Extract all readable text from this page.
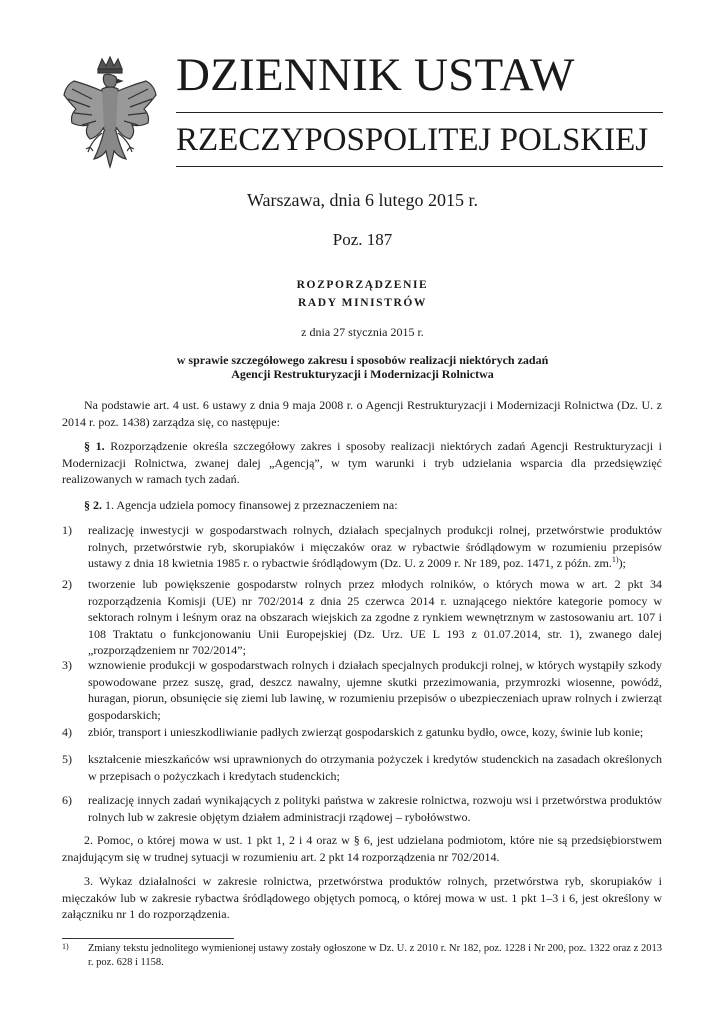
DZIENNIK USTAW
RZECZYPOSPOLITEJ POLSKIEJ
Warszawa, dnia 6 lutego 2015 r.
Poz. 187
ROZPORZĄDZENIE
RADY MINISTRÓW
z dnia 27 stycznia 2015 r.
w sprawie szczegółowego zakresu i sposobów realizacji niektórych zadań
Agencji Restrukturyzacji i Modernizacji Rolnictwa
Na podstawie art. 4 ust. 6 ustawy z dnia 9 maja 2008 r. o Agencji Restrukturyzacji i Modernizacji Rolnictwa (Dz. U. z 2014 r. poz. 1438) zarządza się, co następuje:
§ 1. Rozporządzenie określa szczegółowy zakres i sposoby realizacji niektórych zadań Agencji Restrukturyzacji i Modernizacji Rolnictwa, zwanej dalej „Agencją”, w tym warunki i tryb udzielania wsparcia dla przedsięwzięć realizowanych w ramach tych zadań.
§ 2. 1. Agencja udziela pomocy finansowej z przeznaczeniem na:
1)	realizację inwestycji w gospodarstwach rolnych, działach specjalnych produkcji rolnej, przetwórstwie produktów rolnych, przetwórstwie ryb, skorupiaków i mięczaków oraz w rybactwie śródlądowym w rozumieniu przepisów ustawy z dnia 18 kwietnia 1985 r. o rybactwie śródlądowym (Dz. U. z 2009 r. Nr 189, poz. 1471, z późn. zm.$^{1)}$);
2)	tworzenie lub powiększenie gospodarstw rolnych przez młodych rolników, o których mowa w art. 2 pkt 34 rozporządzenia Komisji (UE) nr 702/2014 z dnia 25 czerwca 2014 r. uznającego niektóre kategorie pomocy w sektorach rolnym i leśnym oraz na obszarach wiejskich za zgodne z rynkiem wewnętrznym w zastosowaniu art. 107 i 108 Traktatu o funkcjonowaniu Unii Europejskiej (Dz. Urz. UE L 193 z 01.07.2014, str. 1), zwanego dalej „rozporządzeniem nr 702/2014”;
3)	wznowienie produkcji w gospodarstwach rolnych i działach specjalnych produkcji rolnej, w których wystąpiły szkody spowodowane przez suszę, grad, deszcz nawalny, ujemne skutki przezimowania, przymrozki wiosenne, powódź, huragan, piorun, obsunięcie się ziemi lub lawinę, w rozumieniu przepisów o ubezpieczeniach upraw rolnych i zwierząt gospodarskich;
4)	zbiór, transport i unieszkodliwianie padłych zwierząt gospodarskich z gatunku bydło, owce, kozy, świnie lub konie;
5)	kształcenie mieszkańców wsi uprawnionych do otrzymania pożyczek i kredytów studenckich na zasadach określonych w przepisach o pożyczkach i kredytach studenckich;
6)	realizację innych zadań wynikających z polityki państwa w zakresie rolnictwa, rozwoju wsi i przetwórstwa produktów rolnych lub w zakresie objętym działem administracji rządowej – rybołówstwo.
2. Pomoc, o której mowa w ust. 1 pkt 1, 2 i 4 oraz w § 6, jest udzielana podmiotom, które nie są przedsiębiorstwem znajdującym się w trudnej sytuacji w rozumieniu art. 2 pkt 14 rozporządzenia nr 702/2014.
3. Wykaz działalności w zakresie rolnictwa, przetwórstwa produktów rolnych, przetwórstwa ryb, skorupiaków i mięczaków lub w zakresie rybactwa śródlądowego objętych pomocą, o której mowa w ust. 1 pkt 1–3 i 6, jest określony w załączniku nr 1 do rozporządzenia.
1) Zmiany tekstu jednolitego wymienionej ustawy zostały ogłoszone w Dz. U. z 2010 r. Nr 182, poz. 1228 i Nr 200, poz. 1322 oraz z 2013 r. poz. 628 i 1158.
